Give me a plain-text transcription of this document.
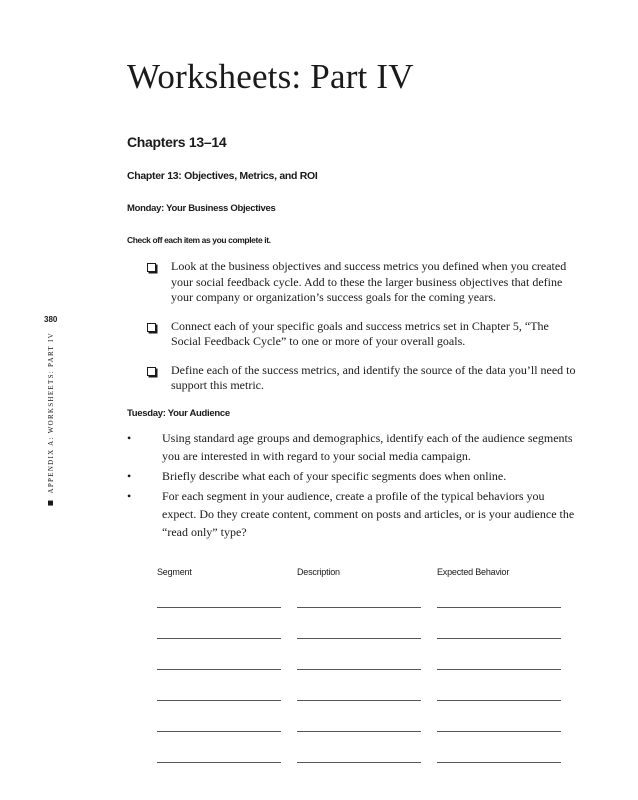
380
APPENDIX A: WORKSHEETS: PART IV
Worksheets: Part IV
Chapters 13–14
Chapter 13: Objectives, Metrics, and ROI
Monday: Your Business Objectives

Check off each item as you complete it.

Look at the business objectives and success metrics you defined when you created your social feedback cycle. Add to these the larger business objectives that define your company or organization’s success goals for the coming years.
Connect each of your specific goals and success metrics set in Chapter 5, “The Social Feedback Cycle” to one or more of your overall goals.
Define each of the success metrics, and identify the source of the data you’ll need to support this metric.
Tuesday: Your Audience
•	Using standard age groups and demographics, identify each of the audience segments you are interested in with regard to your social media campaign.
•	Briefly describe what each of your specific segments does when online.
•	For each segment in your audience, create a profile of the typical behaviors you expect. Do they create content, comment on posts and articles, or is your audience the “read only” type?
Segment	Description	Expected Behavior
